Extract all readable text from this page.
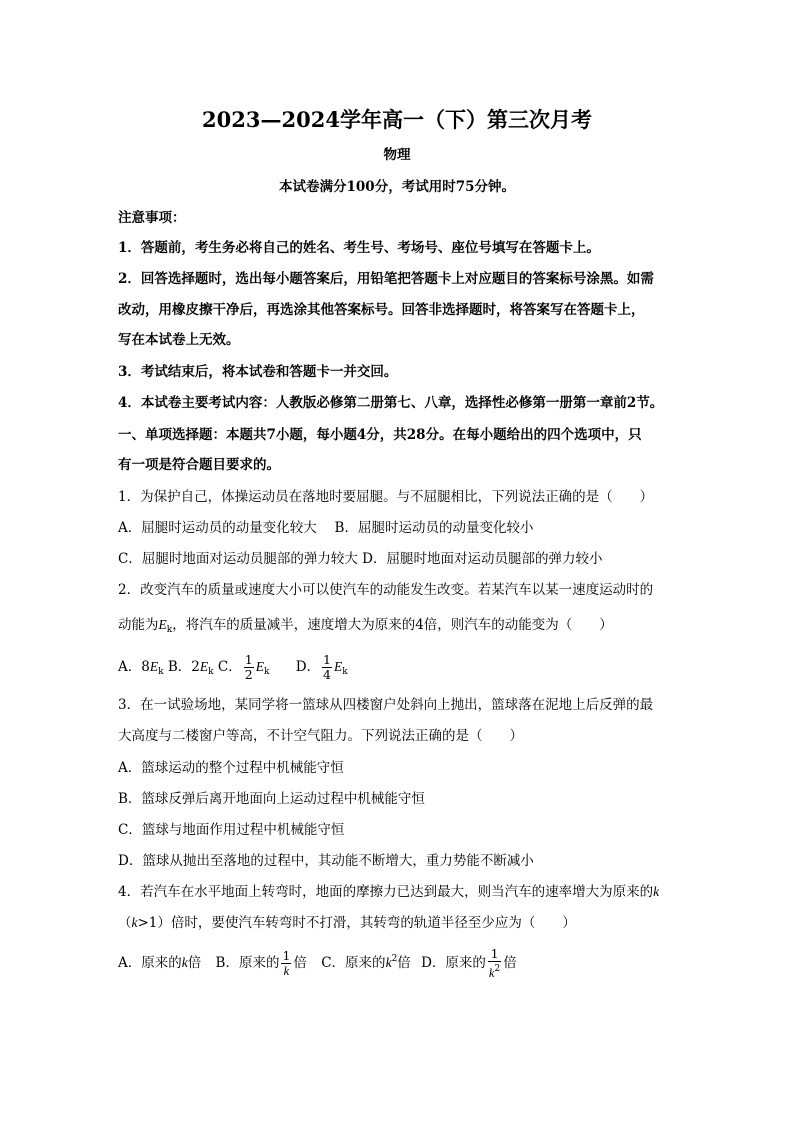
2023—2024学年高一（下）第三次月考
物理
本试卷满分100分，考试用时75分钟。
注意事项：
1．答题前，考生务必将自己的姓名、考生号、考场号、座位号填写在答题卡上。
2．回答选择题时，选出每小题答案后，用铅笔把答题卡上对应题目的答案标号涂黑。如需
改动，用橡皮擦干净后，再选涂其他答案标号。回答非选择题时，将答案写在答题卡上，
写在本试卷上无效。
3．考试结束后，将本试卷和答题卡一并交回。
4．本试卷主要考试内容：人教版必修第二册第七、八章，选择性必修第一册第一章前2节。
一、单项选择题：本题共7小题，每小题4分，共28分。在每小题给出的四个选项中，只
有一项是符合题目要求的。
1．为保护自己，体操运动员在落地时要屈腿。与不屈腿相比，下列说法正确的是（　　）
A．屈腿时运动员的动量变化较大　 B．屈腿时运动员的动量变化较小
C．屈腿时地面对运动员腿部的弹力较大 D．屈腿时地面对运动员腿部的弹力较小
2．改变汽车的质量或速度大小可以使汽车的动能发生改变。若某汽车以某一速度运动时的
动能为$E_k$，将汽车的质量减半，速度增大为原来的4倍，则汽车的动能变为（　　）
A．$8E_k$ B．$2E_k$ C． $\frac{1}{2} E_k$ D． $\frac{1}{4} E_k$
3．在一试验场地，某同学将一篮球从四楼窗户处斜向上抛出，篮球落在泥地上后反弹的最
大高度与二楼窗户等高，不计空气阻力。下列说法正确的是（　　）
A．篮球运动的整个过程中机械能守恒
B．篮球反弹后离开地面向上运动过程中机械能守恒
C．篮球与地面作用过程中机械能守恒
D．篮球从抛出至落地的过程中，其动能不断增大，重力势能不断减小
4．若汽车在水平地面上转弯时，地面的摩擦力已达到最大，则当汽车的速率增大为原来的k
（k>1）倍时，要使汽车转弯时不打滑，其转弯的轨道半径至少应为（　　）
A．原来的k倍 B．原来的 $\frac{1}{k}$ 倍 C．原来的$k^2$倍 D．原来的 $\frac{1}{k^2}$ 倍
